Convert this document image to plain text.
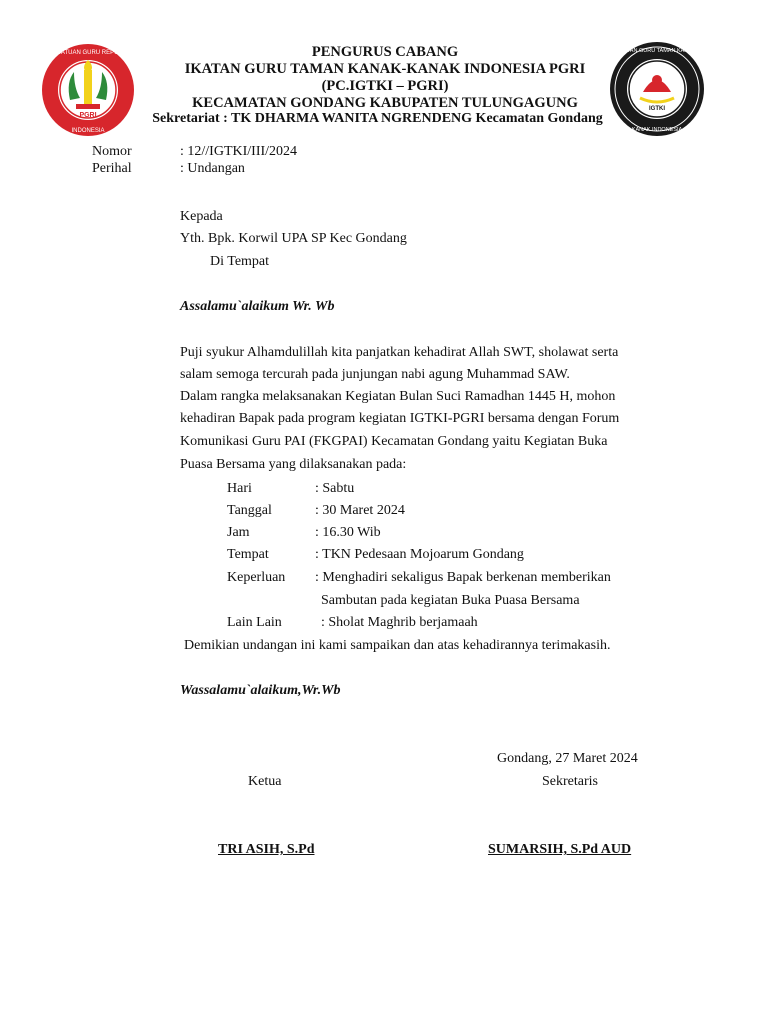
PGRI
PERSATUAN GURU REPUBLIK
INDONESIA
IGTKI
IKATAN GURU TAMAN KANAK
KANAK INDONESIA
PENGURUS CABANG
IKATAN GURU TAMAN KANAK-KANAK INDONESIA PGRI
(PC.IGTKI – PGRI)
KECAMATAN GONDANG KABUPATEN TULUNGAGUNG
Sekretariat : TK DHARMA WANITA NGRENDENG Kecamatan Gondang
Nomor	: 12//IGTKI/III/2024
Perihal	: Undangan
Kepada
Yth. Bpk. Korwil UPA SP Kec Gondang
Di Tempat
Assalamu`alaikum Wr. Wb
Puji syukur Alhamdulillah kita panjatkan kehadirat Allah SWT, sholawat serta
salam semoga tercurah pada junjungan nabi agung Muhammad SAW.
Dalam rangka melaksanakan Kegiatan Bulan Suci Ramadhan 1445 H, mohon
kehadiran Bapak pada program kegiatan IGTKI-PGRI bersama dengan Forum
Komunikasi Guru PAI (FKGPAI) Kecamatan Gondang yaitu Kegiatan Buka
Puasa Bersama yang dilaksanakan pada:
Hari	: Sabtu
Tanggal	: 30 Maret 2024
Jam	: 16.30 Wib
Tempat	: TKN Pedesaan Mojoarum Gondang
Keperluan : Menghadiri sekaligus Bapak berkenan memberikan
Sambutan pada kegiatan Buka Puasa Bersama
Lain Lain	: Sholat Maghrib berjamaah
Demikian undangan ini kami sampaikan dan atas kehadirannya terimakasih.
Wassalamu`alaikum,Wr.Wb
Gondang, 27 Maret 2024
Ketua	Sekretaris
TRI ASIH, S.Pd	SUMARSIH, S.Pd AUD
